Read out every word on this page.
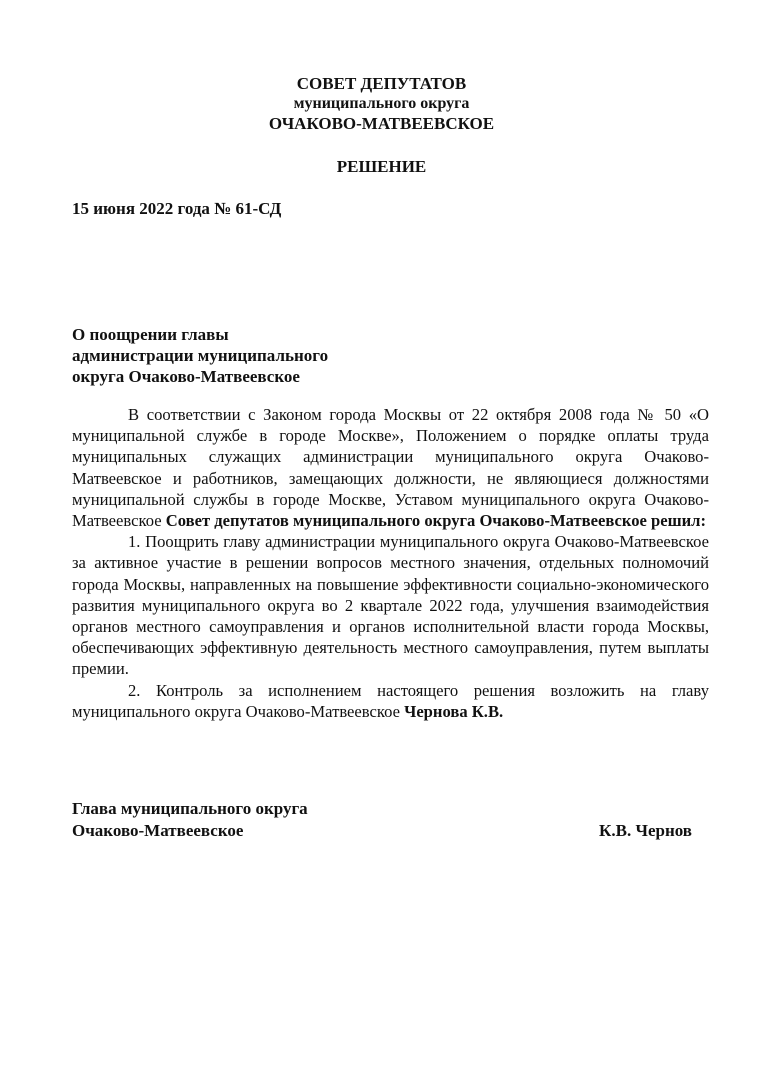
СОВЕТ ДЕПУТАТОВ
муниципального округа
ОЧАКОВО-МАТВЕЕВСКОЕ
РЕШЕНИЕ
15 июня 2022 года № 61-СД
О поощрении главы
администрации муниципального
округа Очаково-Матвеевское

В соответствии с Законом города Москвы от 22 октября 2008 года № 50 «О муниципальной службе в городе Москве», Положением о порядке оплаты труда муниципальных служащих администрации муниципального округа Очаково-Матвеевское и работников, замещающих должности, не являющиеся должностями муниципальной службы в городе Москве, Уставом муниципального округа Очаково-Матвеевское Совет депутатов муниципального округа Очаково-Матвеевское решил:

1. Поощрить главу администрации муниципального округа Очаково-Матвеевское за активное участие в решении вопросов местного значения, отдельных полномочий города Москвы, направленных на повышение эффективности социально-экономического развития муниципального округа во 2 квартале 2022 года, улучшения взаимодействия органов местного самоуправления и органов исполнительной власти города Москвы, обеспечивающих эффективную деятельность местного самоуправления, путем выплаты премии.

2. Контроль за исполнением настоящего решения возложить на главу муниципального округа Очаково-Матвеевское Чернова К.В.

Глава муниципального округа
Очаково-Матвеевское	К.В. Чернов
